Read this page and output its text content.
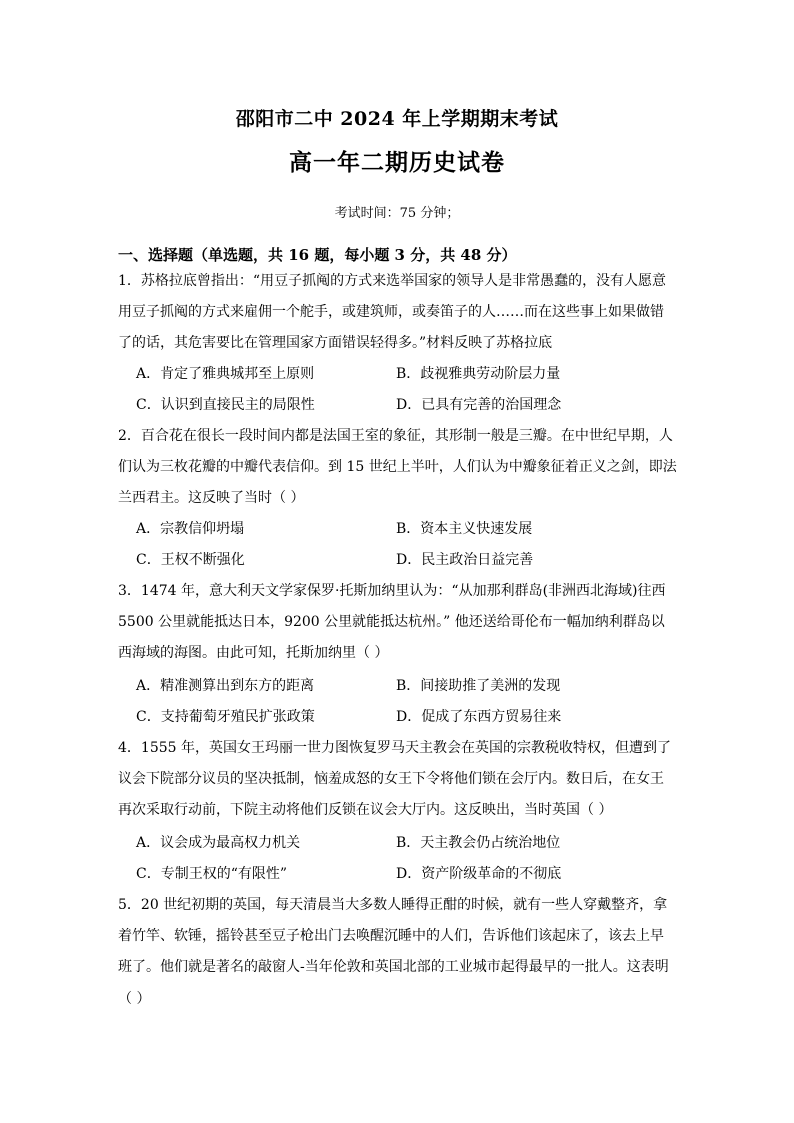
邵阳市二中 2024 年上学期期末考试
高一年二期历史试卷
考试时间：75 分钟；
一、选择题（单选题，共 16 题，每小题 3 分，共 48 分）
1．苏格拉底曾指出：“用豆子抓阄的方式来选举国家的领导人是非常愚蠢的，没有人愿意
用豆子抓阄的方式来雇佣一个舵手，或建筑师，或奏笛子的人……而在这些事上如果做错
了的话，其危害要比在管理国家方面错误轻得多。”材料反映了苏格拉底
A．肯定了雅典城邦至上原则	B．歧视雅典劳动阶层力量
C．认识到直接民主的局限性	D．已具有完善的治国理念
2．百合花在很长一段时间内都是法国王室的象征，其形制一般是三瓣。在中世纪早期，人
们认为三枚花瓣的中瓣代表信仰。到 15 世纪上半叶，人们认为中瓣象征着正义之剑，即法
兰西君主。这反映了当时（ ）
A．宗教信仰坍塌	B．资本主义快速发展
C．王权不断强化	D．民主政治日益完善
3．1474 年，意大利天文学家保罗·托斯加纳里认为：“从加那利群岛(非洲西北海域)往西
5500 公里就能抵达日本，9200 公里就能抵达杭州。” 他还送给哥伦布一幅加纳利群岛以
西海域的海图。由此可知，托斯加纳里（ ）
A．精准测算出到东方的距离	B．间接助推了美洲的发现
C．支持葡萄牙殖民扩张政策	D．促成了东西方贸易往来
4．1555 年，英国女王玛丽一世力图恢复罗马天主教会在英国的宗教税收特权，但遭到了
议会下院部分议员的坚决抵制，恼羞成怒的女王下令将他们锁在会厅内。数日后，在女王
再次采取行动前，下院主动将他们反锁在议会大厅内。这反映出，当时英国（ ）
A．议会成为最高权力机关	B．天主教会仍占统治地位
C．专制王权的“有限性”	D．资产阶级革命的不彻底
5．20 世纪初期的英国，每天清晨当大多数人睡得正酣的时候，就有一些人穿戴整齐，拿
着竹竿、软锤，摇铃甚至豆子枪出门去唤醒沉睡中的人们，告诉他们该起床了，该去上早
班了。他们就是著名的敲窗人-当年伦敦和英国北部的工业城市起得最早的一批人。这表明
（ ）
